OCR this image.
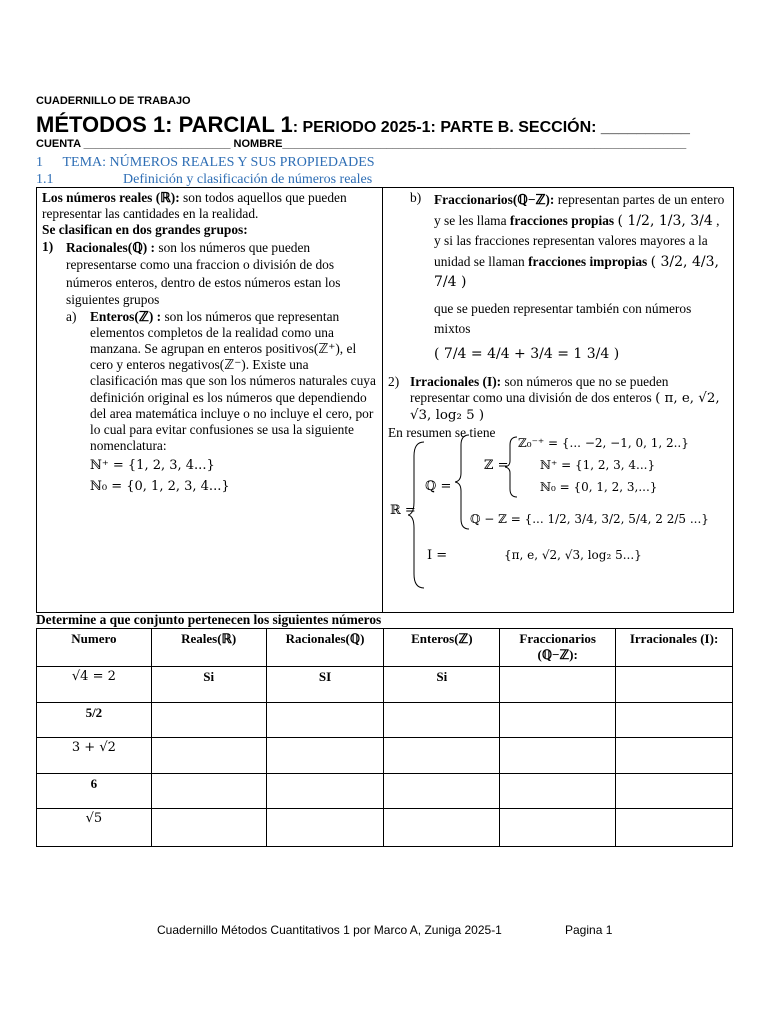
CUADERNILLO DE TRABAJO
MÉTODOS 1: PARCIAL 1: PERIODO 2025-1: PARTE B. SECCIÓN: __________
CUENTA ________________________ NOMBRE__________________________________________________________________
1 TEMA: NÚMEROS REALES Y SUS PROPIEDADES
1.1	Definición y clasificación de números reales
Los números reales (ℝ): son todos aquellos que pueden representar las cantidades en la realidad.
Se clasifican en dos grandes grupos:
1) Racionales(ℚ) : son los números que pueden representarse como una fraccion o división de dos números enteros, dentro de estos números estan los siguientes grupos
a)	Enteros(ℤ) : son los números que representan elementos completos de la realidad como una manzana. Se agrupan en enteros positivos(ℤ⁺), el cero y enteros negativos(ℤ⁻). Existe una clasificación mas que son los números naturales cuya definición original es los números que dependiendo del area matemática incluye o no incluye el cero, por lo cual para evitar confusiones se usa la siguiente nomenclatura:
ℕ⁺ = {1, 2, 3, 4...}
ℕ₀ = {0, 1, 2, 3, 4...}
b) Fraccionarios(ℚ−ℤ): representan partes de un entero y se les llama fracciones propias ( 1/2, 1/3, 3/4 , y si las fracciones representan valores mayores a la unidad se llaman fracciones impropias ( 3/2, 4/3, 7/4 )
que se pueden representar también con números mixtos
( 7/4 = 4/4 + 3/4 = 1 3/4 )
2) Irracionales (I): son números que no se pueden representar como una división de dos enteros ( π, e, √2, √3, log₂ 5 )
En resumen se tiene
ℝ =
ℚ =
ℤ =
ℤ₀⁻⁺ = {... −2, −1, 0, 1, 2..}
ℕ⁺ = {1, 2, 3, 4...}
ℕ₀ = {0, 1, 2, 3,...}
ℚ − ℤ = {... 1/2, 3/4, 3/2, 5/4, 2 2/5 ...}
I =	{π, e, √2, √3, log₂ 5...}
Determine a que conjunto pertenecen los siguientes números
Numero	Reales(ℝ)	Racionales(ℚ)	Enteros(ℤ)	Fraccionarios (ℚ−ℤ):	Irracionales (I):
√4 = 2	Si	SI	Si		
5/2					
3 + √2					
6					
√5					
Cuadernillo Métodos Cuantitativos 1 por Marco A, Zuniga 2025-1	Pagina 1
